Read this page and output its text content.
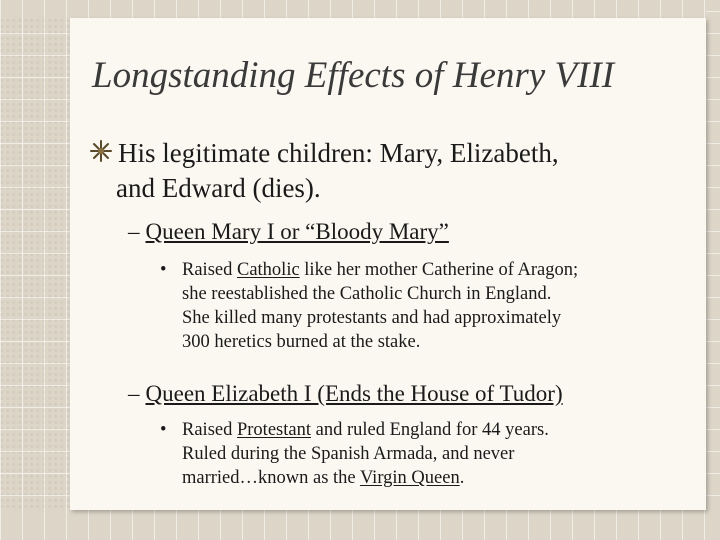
Longstanding Effects of Henry VIII
His legitimate children: Mary, Elizabeth,
and Edward (dies).
– Queen Mary I or “Bloody Mary”
• Raised Catholic like her mother Catherine of Aragon;
she reestablished the Catholic Church in England.
She killed many protestants and had approximately
300 heretics burned at the stake.
– Queen Elizabeth I (Ends the House of Tudor)
• Raised Protestant and ruled England for 44 years.
Ruled during the Spanish Armada, and never
married…known as the Virgin Queen.
